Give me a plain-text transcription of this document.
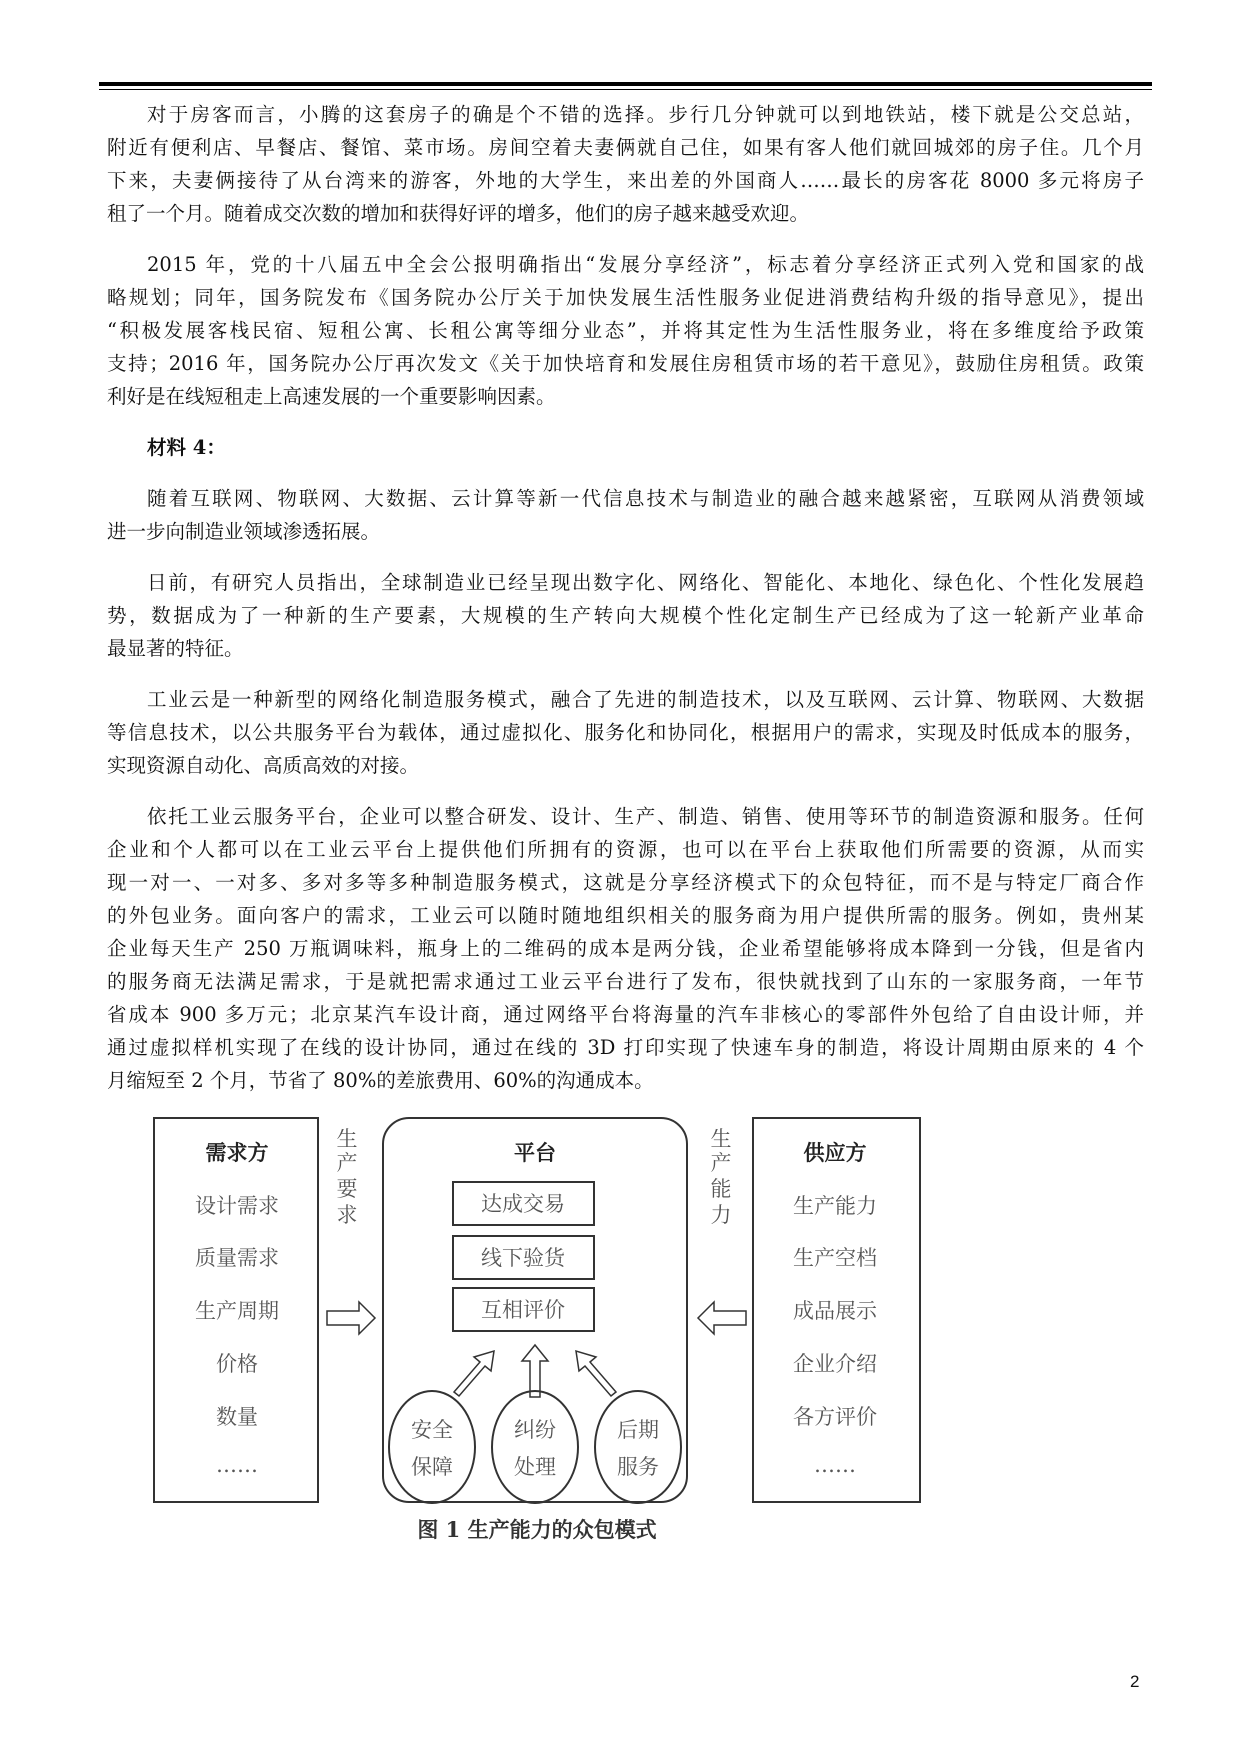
对于房客而言，小腾的这套房子的确是个不错的选择。步行几分钟就可以到地铁站，楼下就是公交总站，
附近有便利店、早餐店、餐馆、菜市场。房间空着夫妻俩就自己住，如果有客人他们就回城郊的房子住。几个月
下来，夫妻俩接待了从台湾来的游客，外地的大学生，来出差的外国商人……最长的房客花 8000 多元将房子
租了一个月。随着成交次数的增加和获得好评的增多，他们的房子越来越受欢迎。
2015 年，党的十八届五中全会公报明确指出“发展分享经济”，标志着分享经济正式列入党和国家的战
略规划；同年，国务院发布《国务院办公厅关于加快发展生活性服务业促进消费结构升级的指导意见》，提出
“积极发展客栈民宿、短租公寓、长租公寓等细分业态”，并将其定性为生活性服务业，将在多维度给予政策
支持；2016 年，国务院办公厅再次发文《关于加快培育和发展住房租赁市场的若干意见》，鼓励住房租赁。政策
利好是在线短租走上高速发展的一个重要影响因素。
材料 4：
随着互联网、物联网、大数据、云计算等新一代信息技术与制造业的融合越来越紧密，互联网从消费领域
进一步向制造业领域渗透拓展。
日前，有研究人员指出，全球制造业已经呈现出数字化、网络化、智能化、本地化、绿色化、个性化发展趋
势，数据成为了一种新的生产要素，大规模的生产转向大规模个性化定制生产已经成为了这一轮新产业革命
最显著的特征。
工业云是一种新型的网络化制造服务模式，融合了先进的制造技术，以及互联网、云计算、物联网、大数据
等信息技术，以公共服务平台为载体，通过虚拟化、服务化和协同化，根据用户的需求，实现及时低成本的服务，
实现资源自动化、高质高效的对接。
依托工业云服务平台，企业可以整合研发、设计、生产、制造、销售、使用等环节的制造资源和服务。任何
企业和个人都可以在工业云平台上提供他们所拥有的资源，也可以在平台上获取他们所需要的资源，从而实
现一对一、一对多、多对多等多种制造服务模式，这就是分享经济模式下的众包特征，而不是与特定厂商合作
的外包业务。面向客户的需求，工业云可以随时随地组织相关的服务商为用户提供所需的服务。例如，贵州某
企业每天生产 250 万瓶调味料，瓶身上的二维码的成本是两分钱，企业希望能够将成本降到一分钱，但是省内
的服务商无法满足需求，于是就把需求通过工业云平台进行了发布，很快就找到了山东的一家服务商，一年节
省成本 900 多万元；北京某汽车设计商，通过网络平台将海量的汽车非核心的零部件外包给了自由设计师，并
通过虚拟样机实现了在线的设计协同，通过在线的 3D 打印实现了快速车身的制造，将设计周期由原来的 4 个
月缩短至 2 个月，节省了 80%的差旅费用、60%的沟通成本。
需求方
设计需求
质量需求
生产周期
价格
数量
……
生
产
要
求
平台
达成交易
线下验货
互相评价
安全
保障
纠纷
处理
后期
服务
生
产
能
力
供应方
生产能力
生产空档
成品展示
企业介绍
各方评价
……
图 1 生产能力的众包模式
2
